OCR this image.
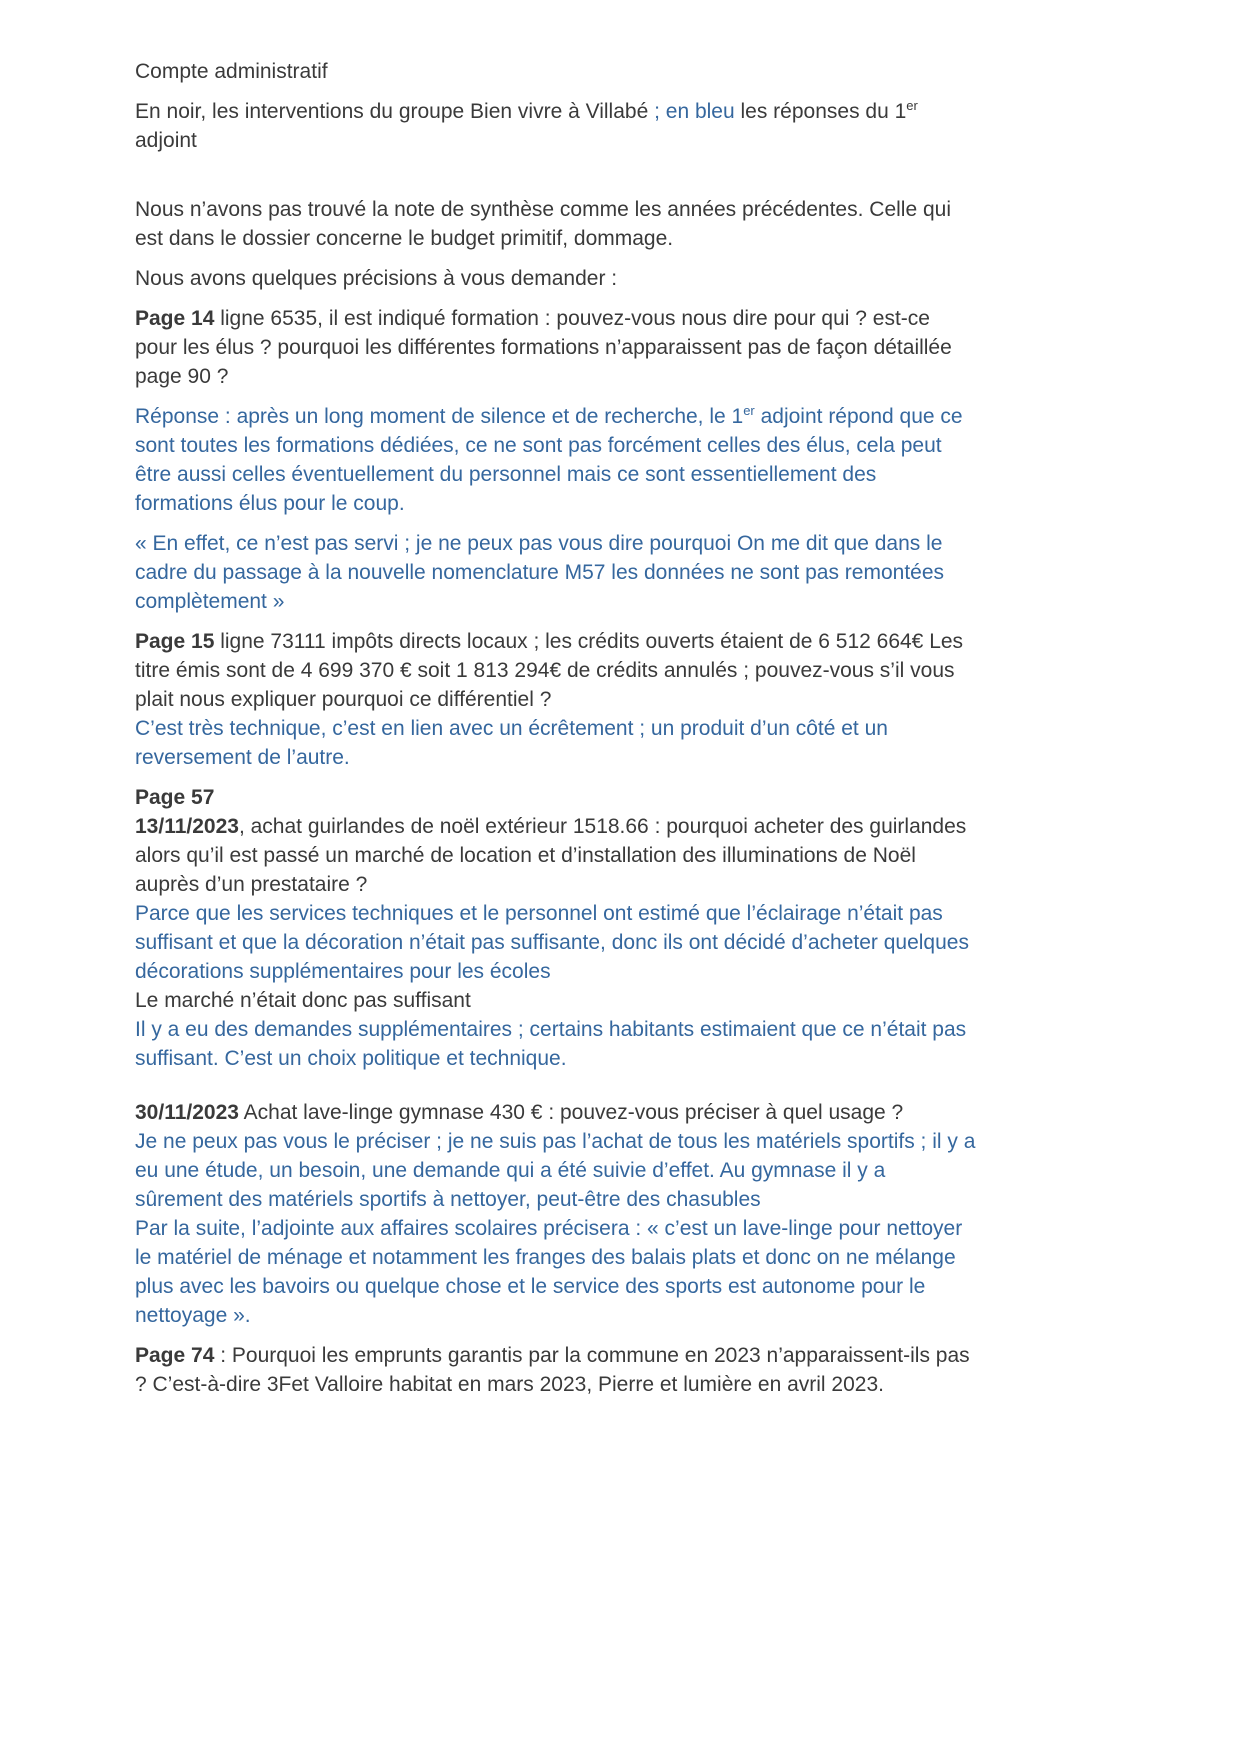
Compte administratif

En noir, les interventions du groupe Bien vivre à Villabé ; en bleu les réponses du 1er adjoint

Nous n’avons pas trouvé la note de synthèse comme les années précédentes. Celle qui est dans le dossier concerne le budget primitif, dommage.

Nous avons quelques précisions à vous demander :

Page 14 ligne 6535, il est indiqué formation : pouvez-vous nous dire pour qui ? est-ce pour les élus ? pourquoi les différentes formations n’apparaissent pas de façon détaillée page 90 ?

Réponse : après un long moment de silence et de recherche, le 1er adjoint répond que ce sont toutes les formations dédiées, ce ne sont pas forcément celles des élus, cela peut être aussi celles éventuellement du personnel mais ce sont essentiellement des formations élus pour le coup.

« En effet, ce n’est pas servi ; je ne peux pas vous dire pourquoi On me dit que dans le cadre du passage à la nouvelle nomenclature M57 les données ne sont pas remontées complètement »

Page 15 ligne 73111 impôts directs locaux ; les crédits ouverts étaient de 6 512 664€ Les titre émis sont de 4 699 370 € soit 1 813 294€ de crédits annulés ; pouvez-vous s’il vous plait nous expliquer pourquoi ce différentiel ?

C’est très technique, c’est en lien avec un écrêtement ; un produit d’un côté et un reversement de l’autre.

Page 57

13/11/2023, achat guirlandes de noël extérieur 1518.66 : pourquoi acheter des guirlandes alors qu’il est passé un marché de location et d’installation des illuminations de Noël auprès d’un prestataire ?

Parce que les services techniques et le personnel ont estimé que l’éclairage n’était pas suffisant et que la décoration n’était pas suffisante, donc ils ont décidé d’acheter quelques décorations supplémentaires pour les écoles

Le marché n’était donc pas suffisant

Il y a eu des demandes supplémentaires ; certains habitants estimaient que ce n’était pas suffisant. C’est un choix politique et technique.

30/11/2023 Achat lave-linge gymnase 430 € : pouvez-vous préciser à quel usage ?

Je ne peux pas vous le préciser ; je ne suis pas l’achat de tous les matériels sportifs ; il y a eu une étude, un besoin, une demande qui a été suivie d’effet. Au gymnase il y a sûrement des matériels sportifs à nettoyer, peut-être des chasubles

Par la suite, l’adjointe aux affaires scolaires précisera : « c’est un lave-linge pour nettoyer le matériel de ménage et notamment les franges des balais plats et donc on ne mélange plus avec les bavoirs ou quelque chose et le service des sports est autonome pour le nettoyage ».

Page 74 : Pourquoi les emprunts garantis par la commune en 2023 n’apparaissent-ils pas ? C’est-à-dire 3Fet Valloire habitat en mars 2023, Pierre et lumière en avril 2023.
